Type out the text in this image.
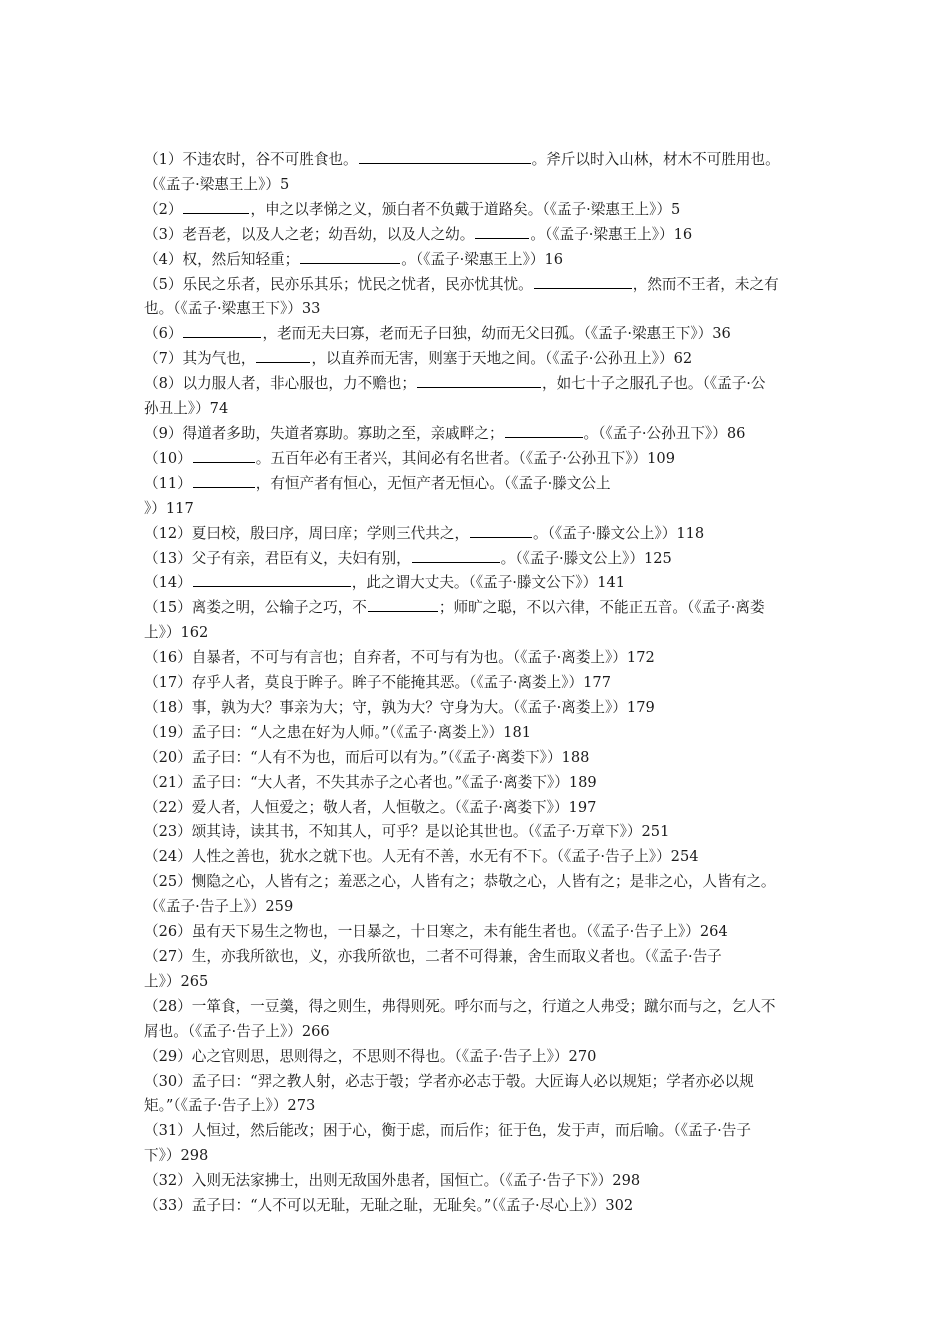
（1）不违农时，谷不可胜食也。	。斧斤以时入山林，材木不可胜用也。
（《孟子·梁惠王上》）5
（2）	，申之以孝悌之义，颁白者不负戴于道路矣。（《孟子·梁惠王上》）5
（3）老吾老，以及人之老；幼吾幼，以及人之幼。	。（《孟子·梁惠王上》）16
（4）权，然后知轻重；	。（《孟子·梁惠王上》）16
（5）乐民之乐者，民亦乐其乐；忧民之忧者，民亦忧其忧。	，然而不王者，未之有
也。（《孟子·梁惠王下》）33
（6）	，老而无夫曰寡，老而无子曰独，幼而无父曰孤。（《孟子·梁惠王下》）36
（7）其为气也，	，以直养而无害，则塞于天地之间。（《孟子·公孙丑上》）62
（8）以力服人者，非心服也，力不赡也；	，如七十子之服孔子也。（《孟子·公
孙丑上》）74
（9）得道者多助，失道者寡助。寡助之至，亲戚畔之；	。（《孟子·公孙丑下》）86
（10）	。五百年必有王者兴，其间必有名世者。（《孟子·公孙丑下》）109
（11）	，有恒产者有恒心，无恒产者无恒心。（《孟子·滕文公上
》）117
（12）夏曰校，殷曰序，周曰庠；学则三代共之，	。（《孟子·滕文公上》）118
（13）父子有亲，君臣有义，夫妇有别，	。（《孟子·滕文公上》）125
（14）	，此之谓大丈夫。（《孟子·滕文公下》）141
（15）离娄之明，公输子之巧，不	；师旷之聪，不以六律，不能正五音。（《孟子·离娄
上》）162
（16）自暴者，不可与有言也；自弃者，不可与有为也。（《孟子·离娄上》）172
（17）存乎人者，莫良于眸子。眸子不能掩其恶。（《孟子·离娄上》）177
（18）事，孰为大？事亲为大；守，孰为大？守身为大。（《孟子·离娄上》）179
（19）孟子曰：“人之患在好为人师。”（《孟子·离娄上》）181
（20）孟子曰：“人有不为也，而后可以有为。”（《孟子·离娄下》）188
（21）孟子曰：“大人者，不失其赤子之心者也。”《孟子·离娄下》）189
（22）爱人者，人恒爱之；敬人者，人恒敬之。（《孟子·离娄下》）197
（23）颂其诗，读其书，不知其人，可乎？是以论其世也。（《孟子·万章下》）251
（24）人性之善也，犹水之就下也。人无有不善，水无有不下。（《孟子·告子上》）254
（25）恻隐之心，人皆有之；羞恶之心，人皆有之；恭敬之心，人皆有之；是非之心，人皆有之。
（《孟子·告子上》）259
（26）虽有天下易生之物也，一日暴之，十日寒之，未有能生者也。（《孟子·告子上》）264
（27）生，亦我所欲也，义，亦我所欲也，二者不可得兼，舍生而取义者也。（《孟子·告子
上》）265
（28）一箪食，一豆羹，得之则生，弗得则死。呼尔而与之，行道之人弗受；蹴尔而与之，乞人不
屑也。（《孟子·告子上》）266
（29）心之官则思，思则得之，不思则不得也。（《孟子·告子上》）270
（30）孟子曰：“羿之教人射，必志于彀；学者亦必志于彀。大匠诲人必以规矩；学者亦必以规
矩。”（《孟子·告子上》）273
（31）人恒过，然后能改；困于心，衡于虑，而后作；征于色，发于声，而后喻。（《孟子·告子
下》）298
（32）入则无法家拂士，出则无敌国外患者，国恒亡。（《孟子·告子下》）298
（33）孟子曰：“人不可以无耻，无耻之耻，无耻矣。”（《孟子·尽心上》）302
